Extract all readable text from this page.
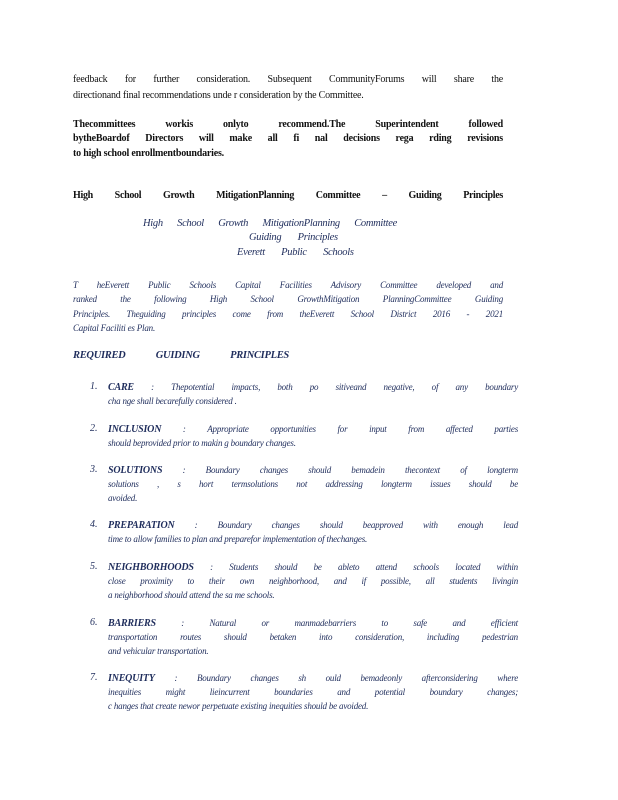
feedback for further consideration. Subsequent CommunityForums will share the
directionand final recommendations unde r consideration by the Committee.
Thecommittees workis onlyto recommend.The Superintendent followed
bytheBoardof Directors will make all fi nal decisions rega rding revisions
to high school enrollmentboundaries.
High School Growth MitigationPlanning Committee – Guiding Principles
High School Growth MitigationPlanning Committee
Guiding Principles
Everett Public Schools
T heEverett Public Schools Capital Facilities Advisory Committee developed and
ranked the following High School GrowthMitigation PlanningCommittee Guiding
Principles. Theguiding principles come from theEverett School District 2016 - 2021
Capital Faciliti es Plan.
REQUIRED GUIDING PRINCIPLES
1. CARE : Thepotential impacts, both po sitiveand negative, of any boundary
cha nge shall becarefully considered .
2. INCLUSION : Appropriate opportunities for input from affected parties
should beprovided prior to makin g boundary changes.
3. SOLUTIONS : Boundary changes should bemadein thecontext of longterm
solutions , s hort termsolutions not addressing longterm issues should be
avoided.
4. PREPARATION : Boundary changes should beapproved with enough lead
time to allow families to plan and preparefor implementation of thechanges.
5. NEIGHBORHOODS : Students should be ableto attend schools located within
close proximity to their own neighborhood, and if possible, all students livingin
a neighborhood should attend the sa me schools.
6. BARRIERS	: Natural or manmadebarriers to safe and efficient
transportation routes should betaken into consideration, including pedestrian
and vehicular transportation.
7. INEQUITY : Boundary changes sh ould bemadeonly afterconsidering where
inequities might lieincurrent boundaries and potential boundary changes;
c hanges that create newor perpetuate existing inequities should be avoided.
